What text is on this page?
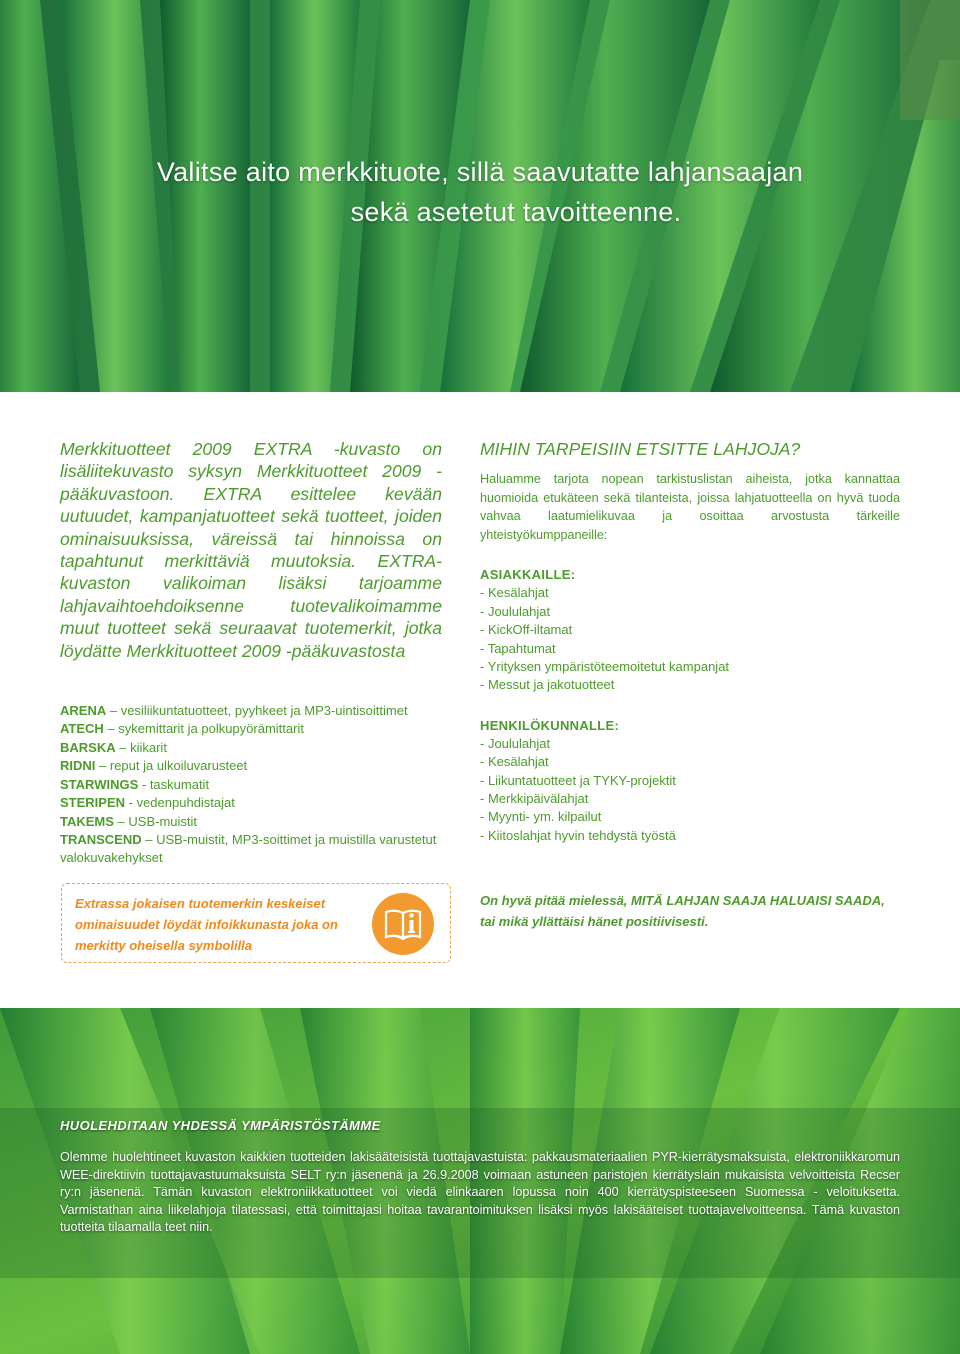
Valitse aito merkkituote, sillä saavutatte lahjansaajan
sekä asetetut tavoitteenne.

Merkkituotteet 2009 EXTRA -kuvasto on lisäliitekuvasto syksyn Merkkituotteet 2009 -pääkuvastoon. EXTRA esittelee kevään uutuudet, kampanjatuotteet sekä tuotteet, joiden ominaisuuksissa, väreissä tai hinnoissa on tapahtunut merkittäviä muutoksia. EXTRA-kuvaston valikoiman lisäksi tarjoamme lahjavaihtoehdoiksenne tuotevalikoimamme muut tuotteet sekä seuraavat tuotemerkit, jotka löydätte Merkkituotteet 2009 -pääkuvastosta

ARENA – vesiliikuntatuotteet, pyyhkeet ja MP3-uintisoittimet
ATECH – sykemittarit ja polkupyörämittarit
BARSKA – kiikarit
RIDNI – reput ja ulkoiluvarusteet
STARWINGS - taskumatit
STERIPEN - vedenpuhdistajat
TAKEMS – USB-muistit
TRANSCEND – USB-muistit, MP3-soittimet ja muistilla varustetut valokuvakehykset

MIHIN TARPEISIIN ETSITTE LAHJOJA?

Haluamme tarjota nopean tarkistuslistan aiheista, jotka kannattaa huomioida etukäteen sekä tilanteista, joissa lahjatuotteella on hyvä tuoda vahvaa laatumielikuvaa ja osoittaa arvostusta tärkeille yhteistyökumppaneille:

ASIAKKAILLE:
- Kesälahjat
- Joululahjat
- KickOff-iltamat
- Tapahtumat
- Yrityksen ympäristöteemoitetut kampanjat
- Messut ja jakotuotteet
HENKILÖKUNNALLE:
- Joululahjat
- Kesälahjat
- Liikuntatuotteet ja TYKY-projektit
- Merkkipäivälahjat
- Myynti- ym. kilpailut
- Kiitoslahjat hyvin tehdystä työstä
Extrassa jokaisen tuotemerkin keskeiset ominaisuudet löydät infoikkunasta joka on merkitty oheisella symbolilla
On hyvä pitää mielessä, MITÄ LAHJAN SAAJA HALUAISI SAADA, tai mikä yllättäisi hänet positiivisesti.

HUOLEHDITAAN YHDESSÄ YMPÄRISTÖSTÄMME

Olemme huolehtineet kuvaston kaikkien tuotteiden lakisääteisistä tuottajavastuista: pakkausmateriaalien PYR-kierrätysmaksuista, elektroniikkaromun WEE-direktiivin tuottajavastuumaksuista SELT ry:n jäsenenä ja 26.9.2008 voimaan astuneen paristojen kierrätyslain mukaisista velvoitteista Recser ry:n jäsenenä. Tämän kuvaston elektroniikkatuotteet voi viedä elinkaaren lopussa noin 400 kierrätyspisteeseen Suomessa - veloituksetta. Varmistathan aina liikelahjoja tilatessasi, että toimittajasi hoitaa tavarantoimituksen lisäksi myös lakisääteiset tuottajavelvoitteensa. Tämä kuvaston tuotteita tilaamalla teet niin.
